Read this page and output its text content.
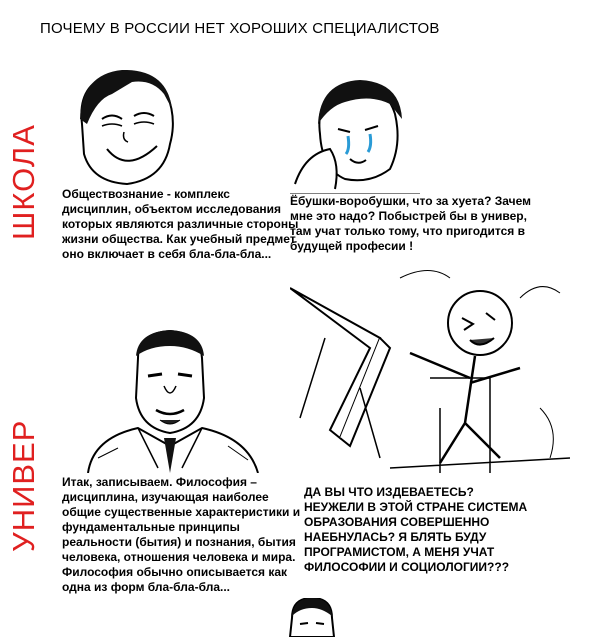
ПОЧЕМУ В РОССИИ НЕТ ХОРОШИХ СПЕЦИАЛИСТОВ
ШКОЛА
УНИВЕР
Обществознание - комплекс дисциплин, объектом исследования которых являются различные стороны жизни общества. Как учебный предмет оно включает в себя бла-бла-бла...
Ёбушки-воробушки, что за хуета? Зачем мне это надо? Побыстрей бы в универ, там учат только тому, что пригодится в будущей професии !
Итак, записываем. Философия – дисциплина, изучающая наиболее общие существенные характеристики и фундаментальные принципы реальности (бытия) и познания, бытия человека, отношения человека и мира. Философия обычно описывается как одна из форм бла-бла-бла...
ДА ВЫ ЧТО ИЗДЕВАЕТЕСЬ? НЕУЖЕЛИ В ЭТОЙ СТРАНЕ СИСТЕМА ОБРАЗОВАНИЯ СОВЕРШЕННО НАЕБНУЛАСЬ? Я БЛЯТЬ БУДУ ПРОГРАМИСТОМ, А МЕНЯ УЧАТ ФИЛОСОФИИ И СОЦИОЛОГИИ???
